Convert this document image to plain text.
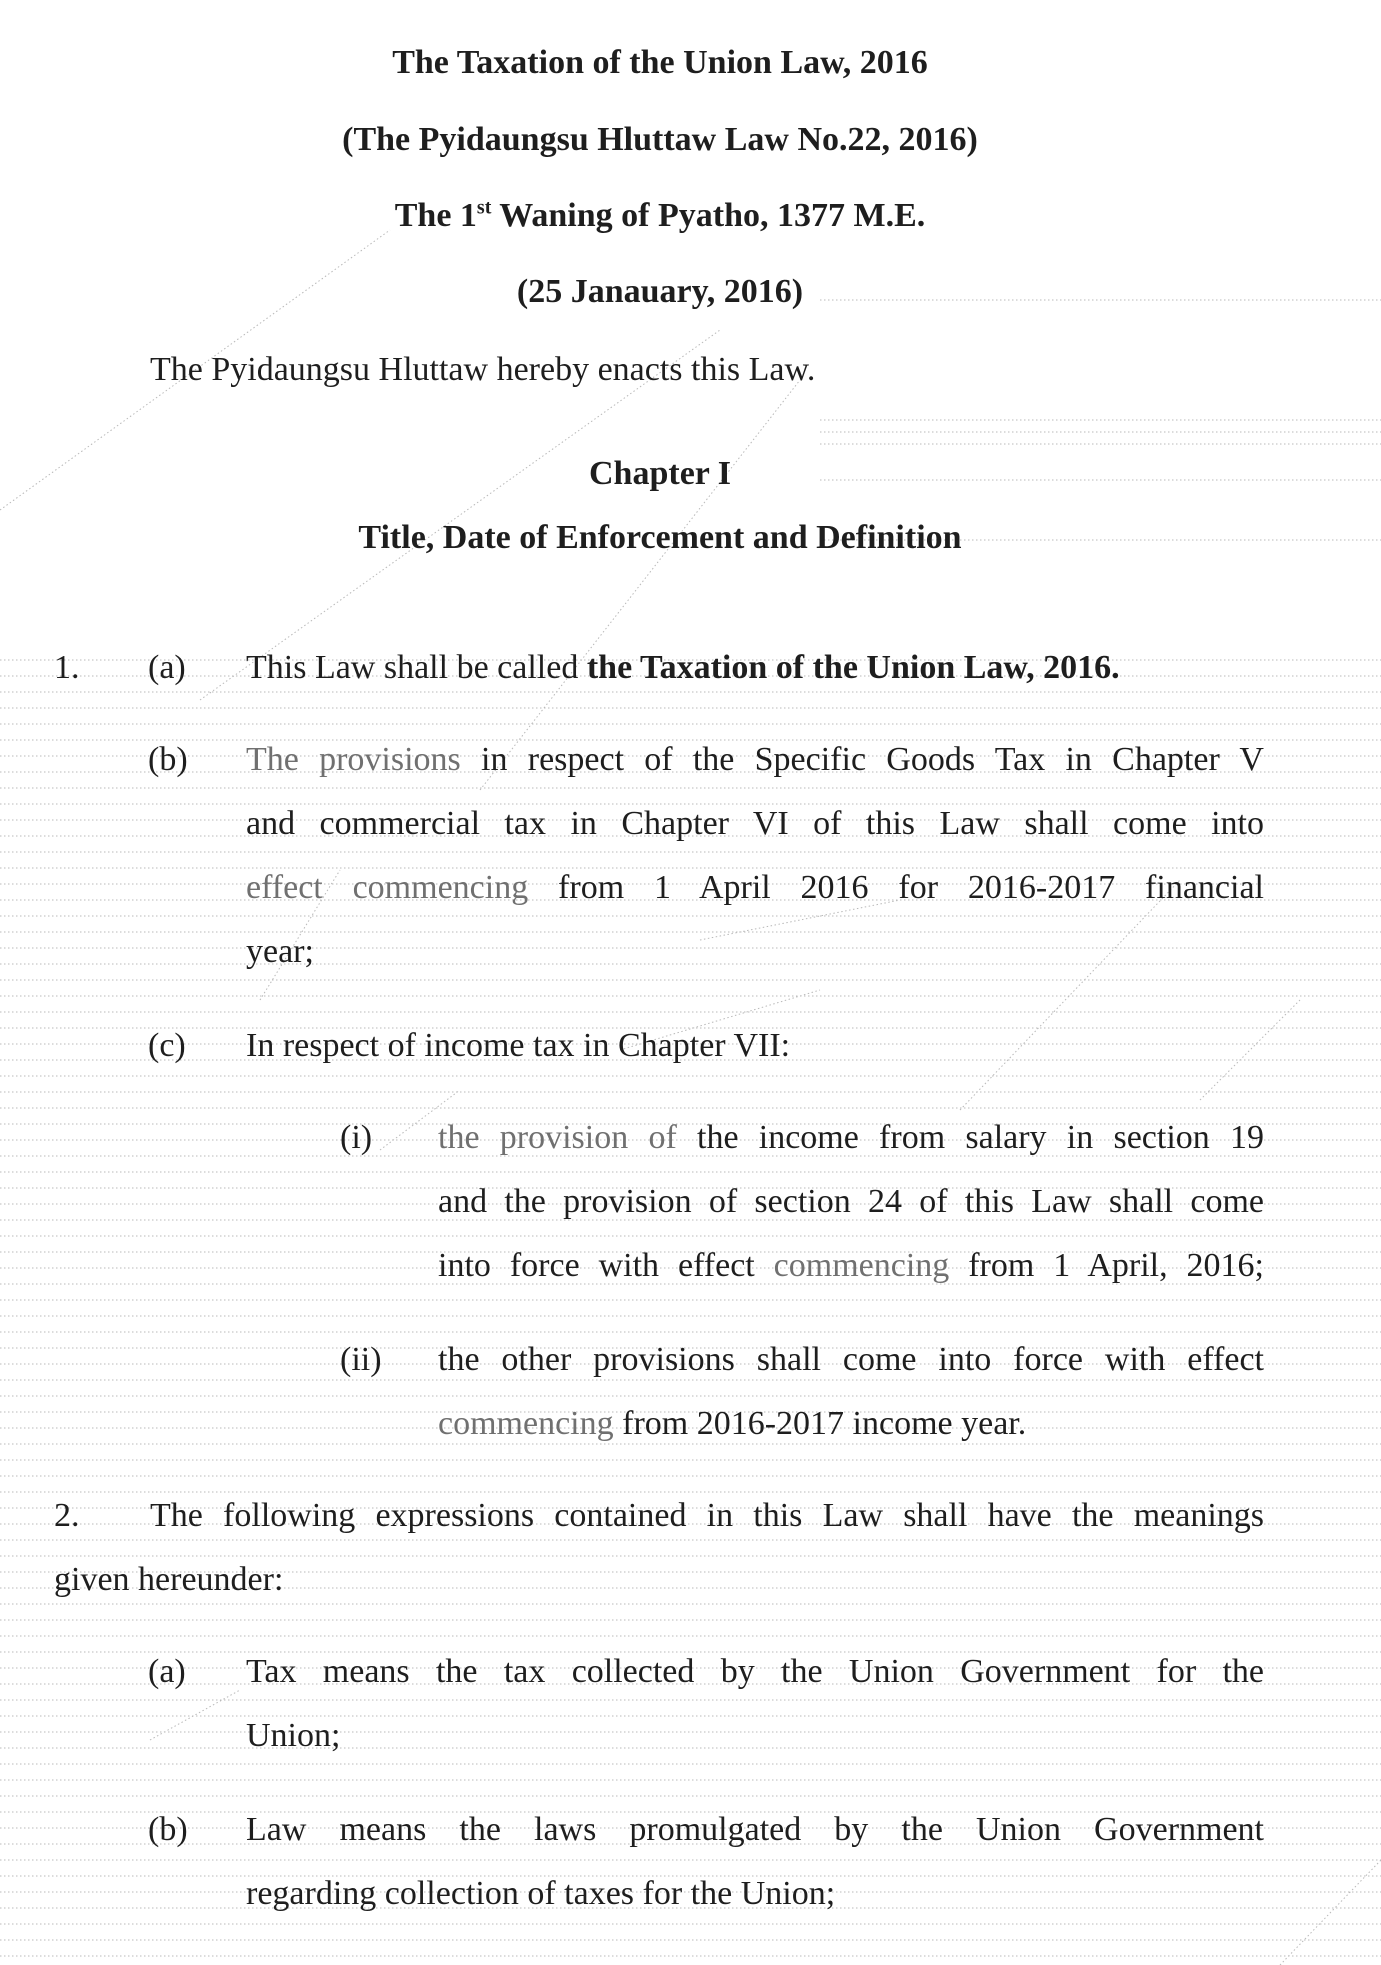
The Taxation of the Union Law, 2016
(The Pyidaungsu Hluttaw Law No.22, 2016)
The 1st Waning of Pyatho, 1377 M.E.
(25 Janauary, 2016)
The Pyidaungsu Hluttaw hereby enacts this Law.
Chapter I
Title, Date of Enforcement and Definition
1. (a) This Law shall be called the Taxation of the Union Law, 2016.
(b) The provisions in respect of the Specific Goods Tax in Chapter V
and commercial tax in Chapter VI of this Law shall come into
effect commencing from 1 April 2016 for 2016-2017 financial
year;
(c) In respect of income tax in Chapter VII:
(i) the provision of the income from salary in section 19
and the provision of section 24 of this Law shall come
into force with effect commencing from 1 April, 2016;
(ii) the other provisions shall come into force with effect
commencing from 2016-2017 income year.
2. The following expressions contained in this Law shall have the meanings
given hereunder:
(a) Tax means the tax collected by the Union Government for the
Union;
(b) Law means the laws promulgated by the Union Government
regarding collection of taxes for the Union;
